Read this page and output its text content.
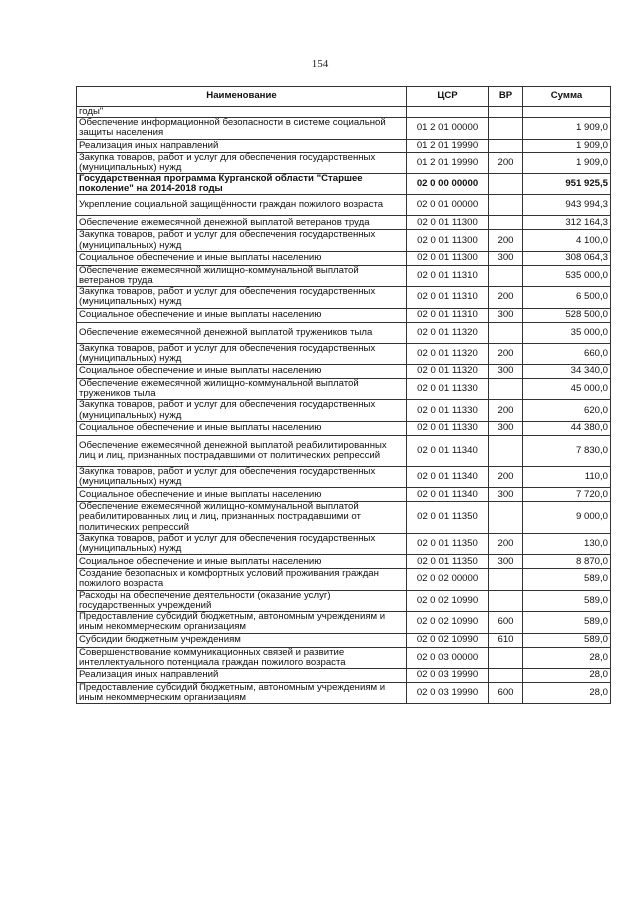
154
Наименование	ЦСР	ВР	Сумма
годы"			
Обеспечение информационной безопасности в системе социальной защиты населения	01 2 01 00000		1 909,0
Реализация иных направлений	01 2 01 19990		1 909,0
Закупка товаров, работ и услуг для обеспечения государственных (муниципальных) нужд	01 2 01 19990	200	1 909,0
Государственная программа Курганской области "Старшее поколение" на 2014-2018 годы	02 0 00 00000		951 925,5
Укрепление социальной защищённости граждан пожилого возраста	02 0 01 00000		943 994,3
Обеспечение ежемесячной денежной выплатой ветеранов труда	02 0 01 11300		312 164,3
Закупка товаров, работ и услуг для обеспечения государственных (муниципальных) нужд	02 0 01 11300	200	4 100,0
Социальное обеспечение и иные выплаты населению	02 0 01 11300	300	308 064,3
Обеспечение ежемесячной жилищно-коммунальной выплатой ветеранов труда	02 0 01 11310		535 000,0
Закупка товаров, работ и услуг для обеспечения государственных (муниципальных) нужд	02 0 01 11310	200	6 500,0
Социальное обеспечение и иные выплаты населению	02 0 01 11310	300	528 500,0
Обеспечение ежемесячной денежной выплатой труженикoв тыла	02 0 01 11320		35 000,0
Закупка товаров, работ и услуг для обеспечения государственных (муниципальных) нужд	02 0 01 11320	200	660,0
Социальное обеспечение и иные выплаты населению	02 0 01 11320	300	34 340,0
Обеспечение ежемесячной жилищно-коммунальной выплатой тружеников тыла	02 0 01 11330		45 000,0
Закупка товаров, работ и услуг для обеспечения государственных (муниципальных) нужд	02 0 01 11330	200	620,0
Социальное обеспечение и иные выплаты населению	02 0 01 11330	300	44 380,0
Обеспечение ежемесячной денежной выплатой реабилитированных лиц и лиц, признанных пострадавшими от политических репрессий	02 0 01 11340		7 830,0
Закупка товаров, работ и услуг для обеспечения государственных (муниципальных) нужд	02 0 01 11340	200	110,0
Социальное обеспечение и иные выплаты населению	02 0 01 11340	300	7 720,0
Обеспечение ежемесячной жилищно-коммунальной выплатой реабилитированных лиц и лиц, признанных пострадавшими от политических репрессий	02 0 01 11350		9 000,0
Закупка товаров, работ и услуг для обеспечения государственных (муниципальных) нужд	02 0 01 11350	200	130,0
Социальное обеспечение и иные выплаты населению	02 0 01 11350	300	8 870,0
Создание безопасных и комфортных условий проживания граждан пожилого возраста	02 0 02 00000		589,0
Расходы на обеспечение деятельности (оказание услуг) государственных учреждений	02 0 02 10990		589,0
Предоставление субсидий бюджетным, автономным учреждениям и иным некоммерческим организациям	02 0 02 10990	600	589,0
Субсидии бюджетным учреждениям	02 0 02 10990	610	589,0
Совершенствование коммуникационных связей и развитие интеллектуального потенциала граждан пожилого возраста	02 0 03 00000		28,0
Реализация иных направлений	02 0 03 19990		28,0
Предоставление субсидий бюджетным, автономным учреждениям и иным некоммерческим организациям	02 0 03 19990	600	28,0
